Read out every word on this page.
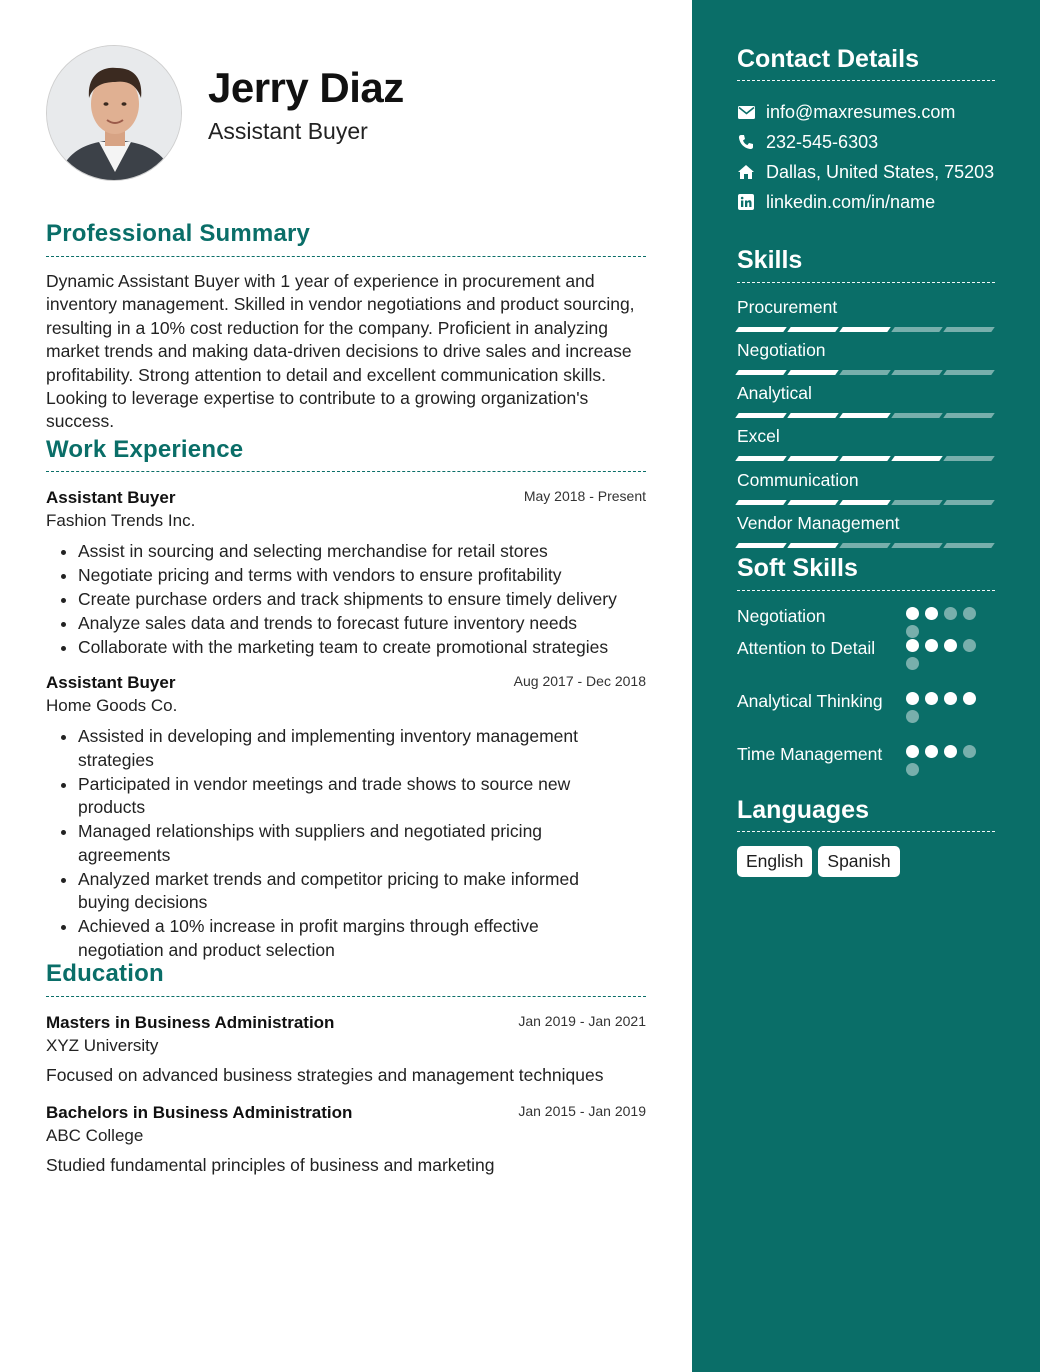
Jerry Diaz
Assistant Buyer
Professional Summary
Dynamic Assistant Buyer with 1 year of experience in procurement and inventory management. Skilled in vendor negotiations and product sourcing, resulting in a 10% cost reduction for the company. Proficient in analyzing market trends and making data-driven decisions to drive sales and increase profitability. Strong attention to detail and excellent communication skills. Looking to leverage expertise to contribute to a growing organization's success.
Work Experience
Assistant Buyer	May 2018 - Present
Fashion Trends Inc.
• Assist in sourcing and selecting merchandise for retail stores
• Negotiate pricing and terms with vendors to ensure profitability
• Create purchase orders and track shipments to ensure timely delivery
• Analyze sales data and trends to forecast future inventory needs
• Collaborate with the marketing team to create promotional strategies
Assistant Buyer	Aug 2017 - Dec 2018
Home Goods Co.
• Assisted in developing and implementing inventory management strategies
• Participated in vendor meetings and trade shows to source new products
• Managed relationships with suppliers and negotiated pricing agreements
• Analyzed market trends and competitor pricing to make informed buying decisions
• Achieved a 10% increase in profit margins through effective negotiation and product selection
Education
Masters in Business Administration	Jan 2019 - Jan 2021
XYZ University
Focused on advanced business strategies and management techniques
Bachelors in Business Administration	Jan 2015 - Jan 2019
ABC College
Studied fundamental principles of business and marketing
Contact Details
info@maxresumes.com
232-545-6303
Dallas, United States, 75203
linkedin.com/in/name
Skills
Procurement
Negotiation
Analytical
Excel
Communication
Vendor Management
Soft Skills
Negotiation
Attention to Detail
Analytical Thinking
Time Management
Languages
English	Spanish
